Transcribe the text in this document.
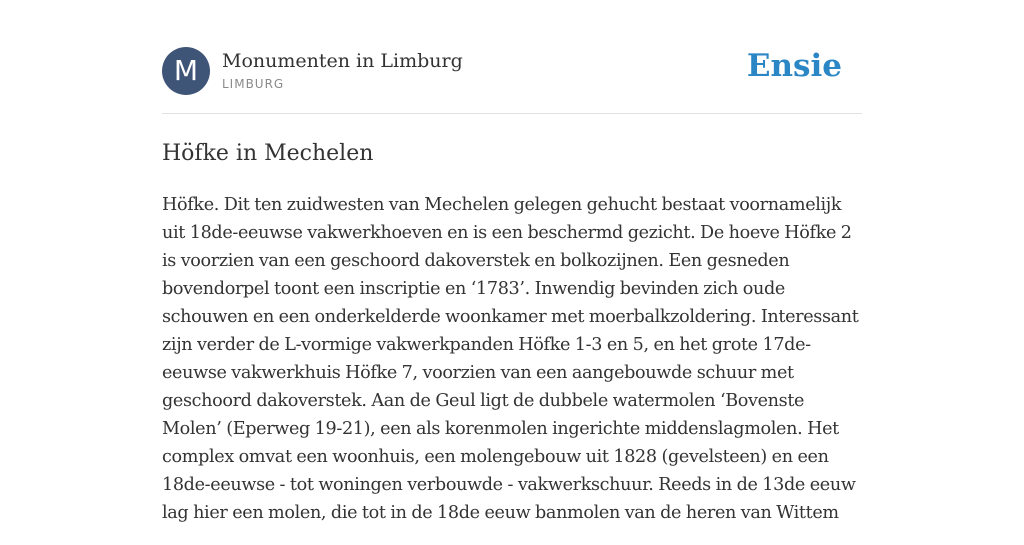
M	Monumenten in Limburg
LIMBURG	Ensie
Höfke in Mechelen

Höfke. Dit ten zuidwesten van Mechelen gelegen gehucht bestaat voornamelijk uit 18de-eeuwse vakwerkhoeven en is een beschermd gezicht. De hoeve Höfke 2 is voorzien van een geschoord dakoverstek en bolkozijnen. Een gesneden bovendorpel toont een inscriptie en ‘1783’. Inwendig bevinden zich oude schouwen en een onderkelderde woonkamer met moerbalkzoldering. Interessant zijn verder de L-vormige vakwerkpanden Höfke 1-3 en 5, en het grote 17de-eeuwse vakwerkhuis Höfke 7, voorzien van een aangebouwde schuur met geschoord dakoverstek. Aan de Geul ligt de dubbele watermolen ‘Bovenste Molen’ (Eperweg 19-21), een als korenmolen ingerichte middenslagmolen. Het complex omvat een woonhuis, een molengebouw uit 1828 (gevelsteen) en een 18de-eeuwse - tot woningen verbouwde - vakwerkschuur. Reeds in de 13de eeuw lag hier een molen, die tot in de 18de eeuw banmolen van de heren van Wittem
